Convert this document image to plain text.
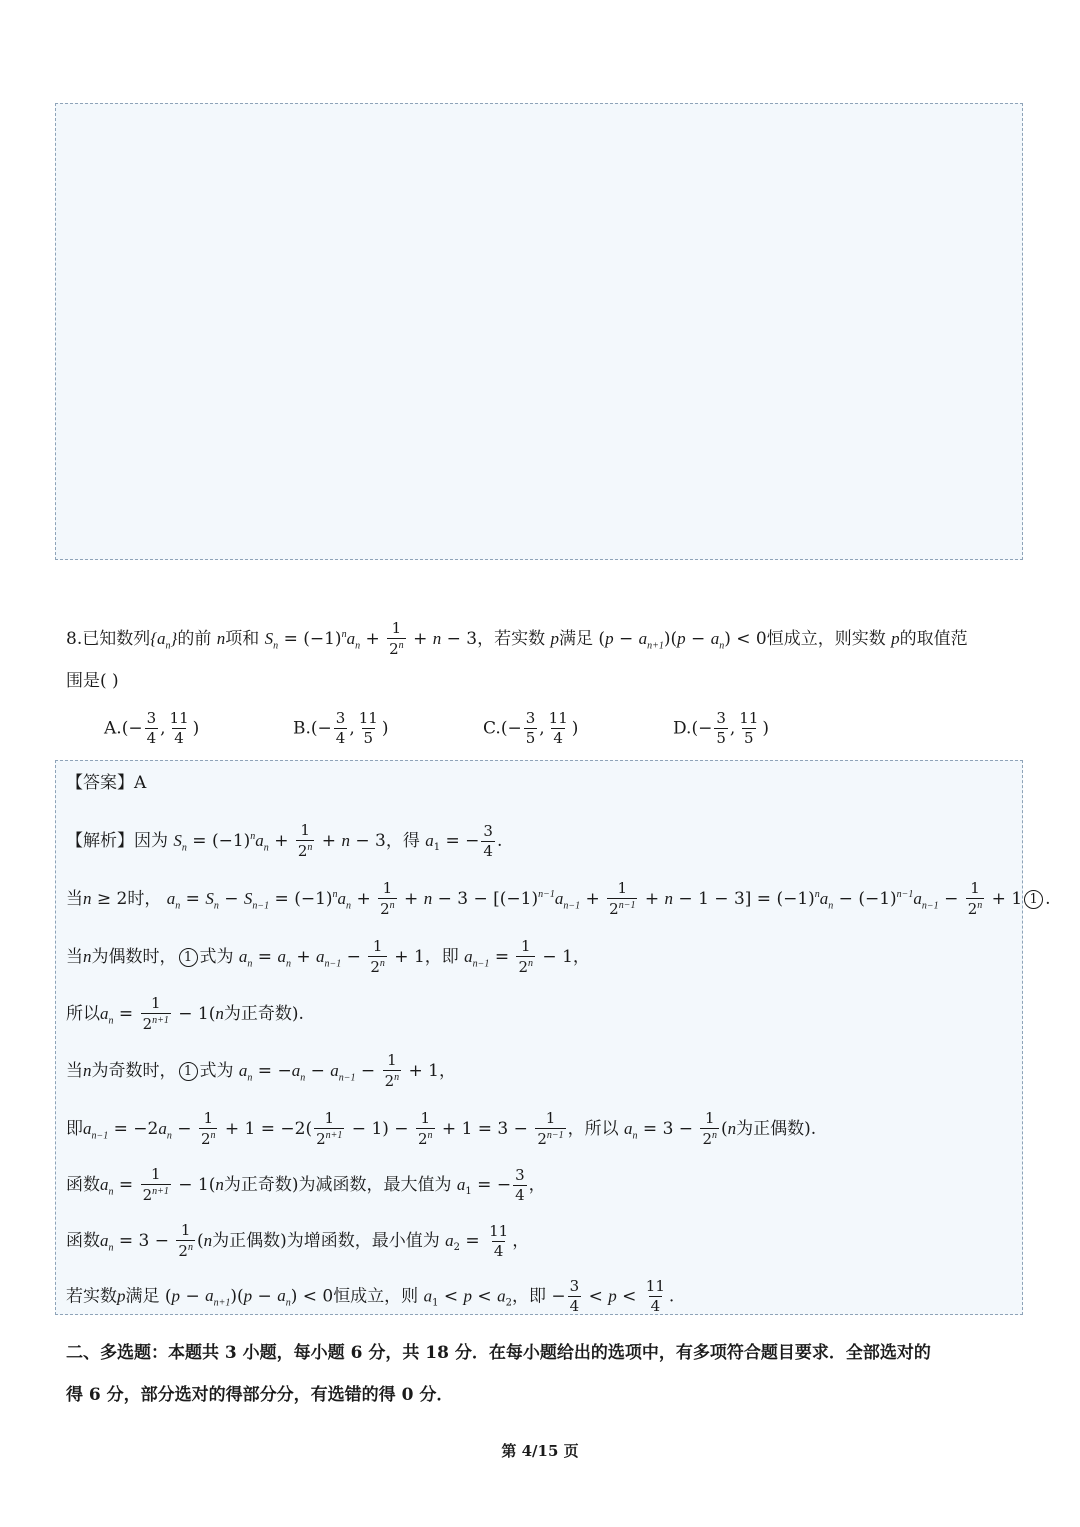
8.已知数列$\{a_n\}$的前 n项和 $S_n = (-1)^na_n + \frac{1}{2^n} + n - 3$，若实数 p满足 $(p - a_{n+1})(p - a_n) < 0$恒成立，则实数 p的取值范
围是( )
$A.(- \frac{3}{4}$ , $\frac{11}{4}$ )	$B.(- \frac{3}{4}$ , $\frac{11}{5}$ )	$C.(- \frac{3}{5}$ , $\frac{11}{4}$ )	$D.(- \frac{3}{5}$ , $\frac{11}{5}$ )
【答案】A
【解析】因为 $S_n = (-1)^na_n + \frac{1}{2^n} + n - 3$，得 $a_1$ = − $\frac{3}{4}$ .
当n ≥ 2时， $a_n = S_n - S_{n-1} = (-1)^na_n + \frac{1}{2^n} + n - 3 - [(-1)^{n-1}a_{n-1} + \frac{1}{2^{n-1}} + n - 1 - 3] = (-1)^na_n - (-1)^{n-1}a_{n-1} - \frac{1}{2^n} + 1$ 1 .
当n为偶数时， 1 式为 $a_n = a_n + a_{n-1} - \frac{1}{2^n} + 1$，即 $a_{n-1} = \frac{1}{2^n} - 1$，
所以$a_n = \frac{1}{2^{n+1}} - 1(n$为正奇数).
当n为奇数时， 1 式为 $a_n = -a_n - a_{n-1} - \frac{1}{2^n} + 1$，
即$a_{n-1} = -2a_n - \frac{1}{2^n} + 1 = -2( \frac{1}{2^{n+1}} - 1) - \frac{1}{2^n} + 1 = 3 - \frac{1}{2^{n-1}}$ ，所以 $a_n = 3 - \frac{1}{2^n} (n$为正偶数).
函数$a_n = \frac{1}{2^{n+1}} - 1(n$为正奇数)为减函数，最大值为 $a_1$ = − $\frac{3}{4}$ ，
函数$a_n = 3 - \frac{1}{2^n} (n$为正偶数)为增函数，最小值为 $a_2 = \frac{11}{4}$ ，
若实数p满足 $(p - a_{n+1})(p - a_n) < 0$恒成立，则 $a_1 < p < a_2$，即 − $\frac{3}{4} < p < \frac{11}{4}$ .
二、多选题：本题共 3 小题，每小题 6 分，共 18 分．在每小题给出的选项中，有多项符合题目要求．全部选对的
得 6 分，部分选对的得部分分，有选错的得 0 分．
第 4/15 页
